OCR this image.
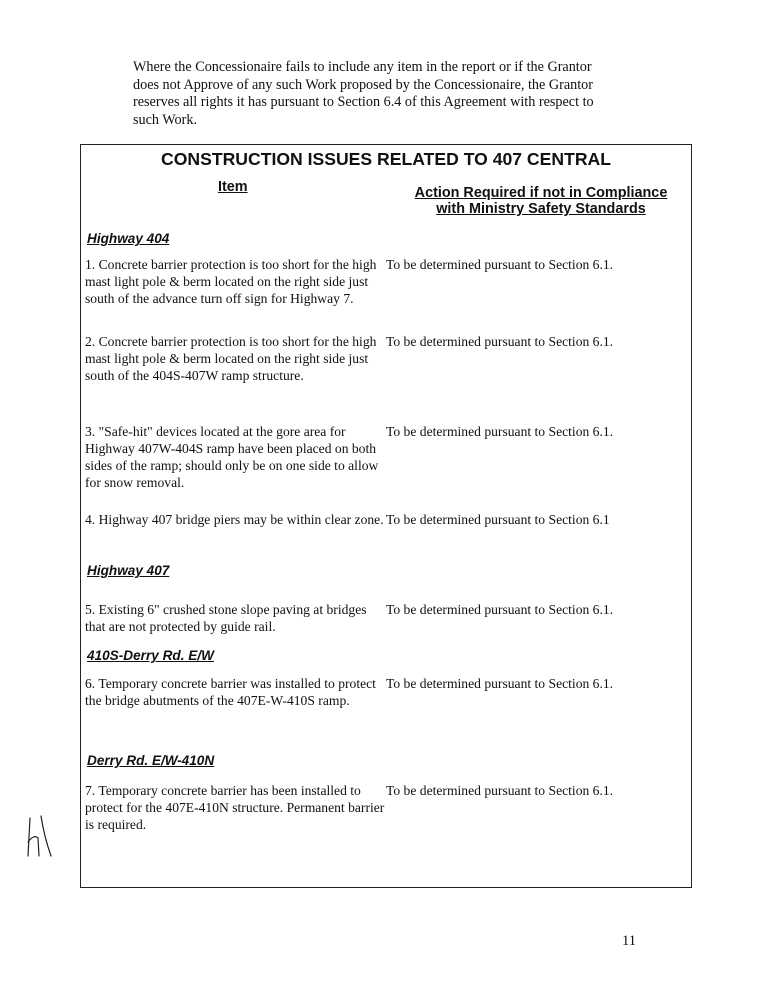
Where the Concessionaire fails to include any item in the report or if the Grantor does not Approve of any such Work proposed by the Concessionaire, the Grantor reserves all rights it has pursuant to Section 6.4 of this Agreement with respect to such Work.
CONSTRUCTION ISSUES RELATED TO 407 CENTRAL
Item	Action Required if not in Compliance with Ministry Safety Standards
Highway 404
1. Concrete barrier protection is too short for the high mast light pole & berm located on the right side just south of the advance turn off sign for Highway 7.
To be determined pursuant to Section 6.1.
2. Concrete barrier protection is too short for the high mast light pole & berm located on the right side just south of the 404S-407W ramp structure.
To be determined pursuant to Section 6.1.
3. "Safe-hit" devices located at the gore area for Highway 407W-404S ramp have been placed on both sides of the ramp; should only be on one side to allow for snow removal.
To be determined pursuant to Section 6.1.
4. Highway 407 bridge piers may be within clear zone. To be determined pursuant to Section 6.1
Highway 407
5. Existing 6" crushed stone slope paving at bridges that are not protected by guide rail.
To be determined pursuant to Section 6.1.
410S-Derry Rd. E/W
6. Temporary concrete barrier was installed to protect the bridge abutments of the 407E-W-410S ramp.
To be determined pursuant to Section 6.1.
Derry Rd. E/W-410N
7. Temporary concrete barrier has been installed to protect for the 407E-410N structure. Permanent barrier is required.
To be determined pursuant to Section 6.1.
11
